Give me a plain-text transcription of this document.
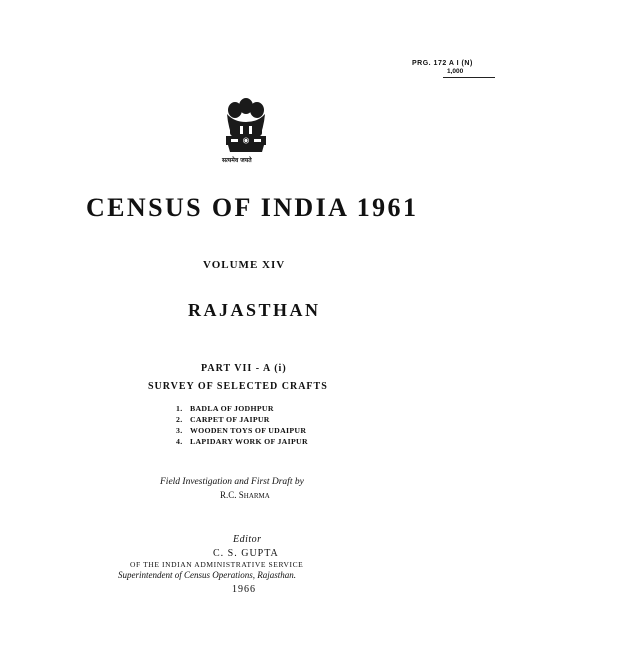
PRG. 172 A I (N)
1,000
सत्यमेव जयते
CENSUS OF INDIA 1961
VOLUME XIV
RAJASTHAN
PART VII - A (i)
SURVEY OF SELECTED CRAFTS
1. BADLA OF JODHPUR
2. CARPET OF JAIPUR
3. WOODEN TOYS OF UDAIPUR
4. LAPIDARY WORK OF JAIPUR
Field Investigation and First Draft by
R.C. SHARMA
Editor
C. S. GUPTA
OF THE INDIAN ADMINISTRATIVE SERVICE
Superintendent of Census Operations, Rajasthan.
1966
